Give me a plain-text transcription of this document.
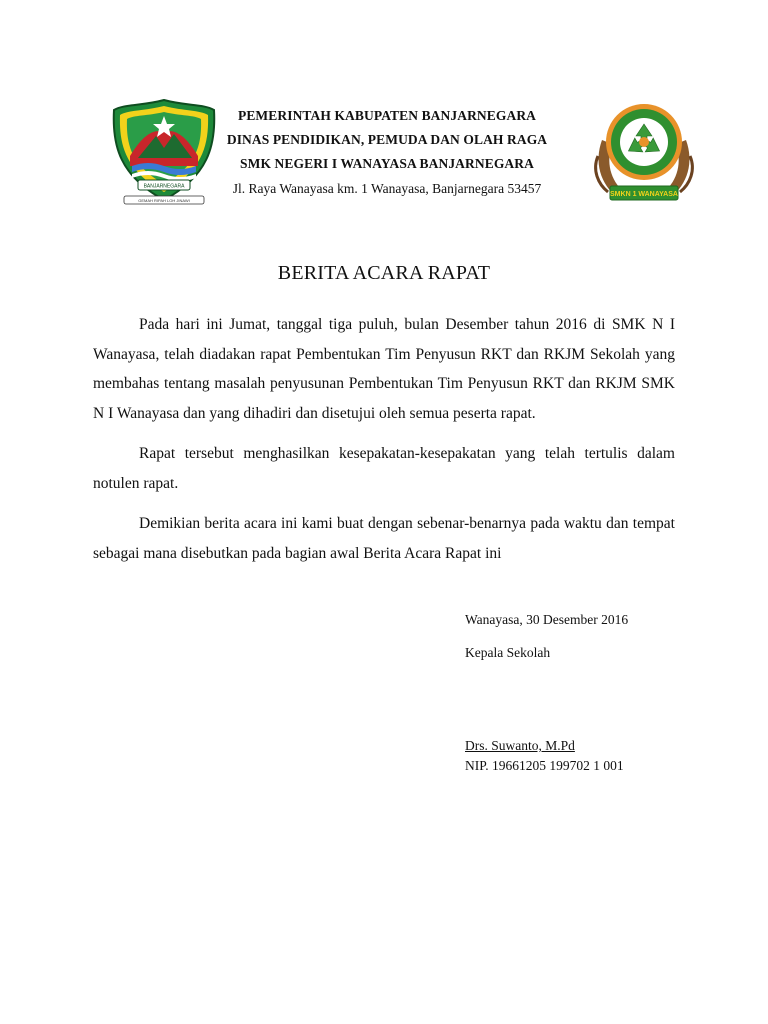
BANJARNEGARA
GEMAH RIPAH LOH JINAWI
PEMERINTAH KABUPATEN BANJARNEGARA
DINAS PENDIDIKAN, PEMUDA DAN OLAH RAGA
SMK NEGERI I WANAYASA BANJARNEGARA
Jl. Raya Wanayasa km. 1 Wanayasa, Banjarnegara 53457	SMKN 1 WANAYASA
BERITA ACARA RAPAT

Pada hari ini Jumat, tanggal tiga puluh, bulan Desember tahun 2016 di SMK N I Wanayasa, telah diadakan rapat Pembentukan Tim Penyusun RKT dan RKJM Sekolah yang membahas tentang masalah penyusunan Pembentukan Tim Penyusun RKT dan RKJM SMK N I Wanayasa dan yang dihadiri dan disetujui oleh semua peserta rapat.

Rapat tersebut menghasilkan kesepakatan-kesepakatan yang telah tertulis dalam notulen rapat.

Demikian berita acara ini kami buat dengan sebenar-benarnya pada waktu dan tempat sebagai mana disebutkan pada bagian awal Berita Acara Rapat ini

Wanayasa, 30 Desember 2016
Kepala Sekolah
Drs. Suwanto, M.Pd
NIP. 19661205 199702 1 001
